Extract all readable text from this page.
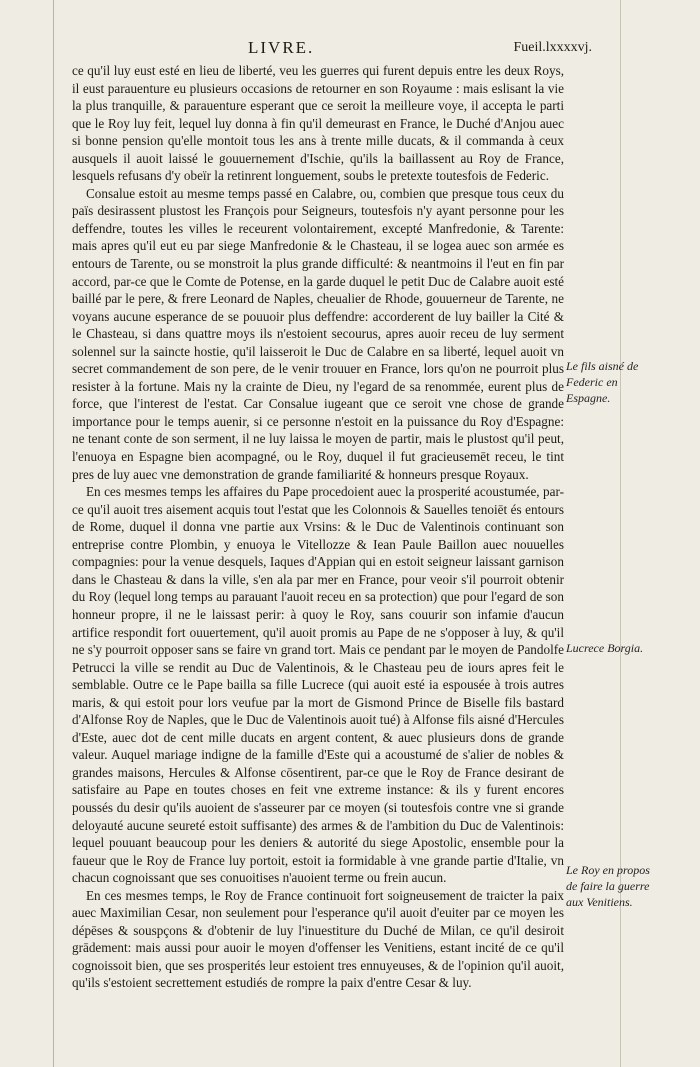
LIVRE.	Fueil.lxxxxvj.

ce qu'il luy eust esté en lieu de liberté, veu les guerres qui furent depuis entre les deux Roys, il eust parauenture eu plusieurs occasions de retourner en son Royaume : mais eslisant la vie la plus tranquille, & parauenture esperant que ce seroit la meilleure voye, il accepta le parti que le Roy luy feit, lequel luy donna à fin qu'il demeurast en France, le Duché d'Anjou auec si bonne pension qu'elle montoit tous les ans à trente mille ducats, & il commanda à ceux ausquels il auoit laissé le gouuernement d'Ischie, qu'ils la baillassent au Roy de France, lesquels refusans d'y obeïr la retinrent longuement, soubs le pretexte toutesfois de Federic.

Consalue estoit au mesme temps passé en Calabre, ou, combien que presque tous ceux du païs desirassent plustost les François pour Seigneurs, toutesfois n'y ayant personne pour les deffendre, toutes les villes le receurent volontairement, excepté Manfredonie, & Tarente: mais apres qu'il eut eu par siege Manfredonie & le Chasteau, il se logea auec son armée es entours de Tarente, ou se monstroit la plus grande difficulté: & neantmoins il l'eut en fin par accord, par-ce que le Comte de Potense, en la garde duquel le petit Duc de Calabre auoit esté baillé par le pere, & frere Leonard de Naples, cheualier de Rhode, gouuerneur de Tarente, ne voyans aucune esperance de se pouuoir plus deffendre: accorderent de luy bailler la Cité & le Chasteau, si dans quattre moys ils n'estoient secourus, apres auoir receu de luy serment solennel sur la saincte hostie, qu'il laisseroit le Duc de Calabre en sa liberté, lequel auoit vn secret commandement de son pere, de le venir trouuer en France, lors qu'on ne pourroit plus resister à la fortune. Mais ny la crainte de Dieu, ny l'egard de sa renommée, eurent plus de force, que l'interest de l'estat. Car Consalue iugeant que ce seroit vne chose de grande importance pour le temps auenir, si ce personne n'estoit en la puissance du Roy d'Espagne: ne tenant conte de son serment, il ne luy laissa le moyen de partir, mais le plustost qu'il peut, l'enuoya en Espagne bien acompagné, ou le Roy, duquel il fut gracieusemēt receu, le tint pres de luy auec vne demonstration de grande familiarité & honneurs presque Royaux.

En ces mesmes temps les affaires du Pape procedoient auec la prosperité acoustumée, par-ce qu'il auoit tres aisement acquis tout l'estat que les Colonnois & Sauelles tenoiēt és entours de Rome, duquel il donna vne partie aux Vrsins: & le Duc de Valentinois continuant son entreprise contre Plombin, y enuoya le Vitellozze & Iean Paule Baillon auec nouuelles compagnies: pour la venue desquels, Iaques d'Appian qui en estoit seigneur laissant garnison dans le Chasteau & dans la ville, s'en ala par mer en France, pour veoir s'il pourroit obtenir du Roy (lequel long temps au parauant l'auoit receu en sa protection) que pour l'egard de son honneur propre, il ne le laissast perir: à quoy le Roy, sans couurir son infamie d'aucun artifice respondit fort ouuertement, qu'il auoit promis au Pape de ne s'opposer à luy, & qu'il ne s'y pourroit opposer sans se faire vn grand tort. Mais ce pendant par le moyen de Pandolfe Petrucci la ville se rendit au Duc de Valentinois, & le Chasteau peu de iours apres feit le semblable. Outre ce le Pape bailla sa fille Lucrece (qui auoit esté ia espousée à trois autres maris, & qui estoit pour lors veufue par la mort de Gismond Prince de Biselle fils bastard d'Alfonse Roy de Naples, que le Duc de Valentinois auoit tué) à Alfonse fils aisné d'Hercules d'Este, auec dot de cent mille ducats en argent content, & auec plusieurs dons de grande valeur. Auquel mariage indigne de la famille d'Este qui a acoustumé de s'alier de nobles & grandes maisons, Hercules & Alfonse cōsentirent, par-ce que le Roy de France desirant de satisfaire au Pape en toutes choses en feit vne extreme instance: & ils y furent encores poussés du desir qu'ils auoient de s'asseurer par ce moyen (si toutesfois contre vne si grande deloyauté aucune seureté estoit suffisante) des armes & de l'ambition du Duc de Valentinois: lequel pouuant beaucoup pour les deniers & autorité du siege Apostolic, ensemble pour la faueur que le Roy de France luy portoit, estoit ia formidable à vne grande partie d'Italie, vn chacun cognoissant que ses conuoitises n'auoient terme ou frein aucun.

En ces mesmes temps, le Roy de France continuoit fort soigneusement de traicter la paix auec Maximilian Cesar, non seulement pour l'esperance qu'il auoit d'euiter par ce moyen les dépēses & souspçons & d'obtenir de luy l'inuestiture du Duché de Milan, ce qu'il desiroit grādement: mais aussi pour auoir le moyen d'offenser les Venitiens, estant incité de ce qu'il cognoissoit bien, que ses prosperités leur estoient tres ennuyeuses, & de l'opinion qu'il auoit, qu'ils s'estoient secrettement estudiés de rompre la paix d'entre Cesar & luy.

Le fils aisné de Federic en Espagne.
Lucrece Borgia.
Le Roy en propos de faire la guerre aux Venitiens.
